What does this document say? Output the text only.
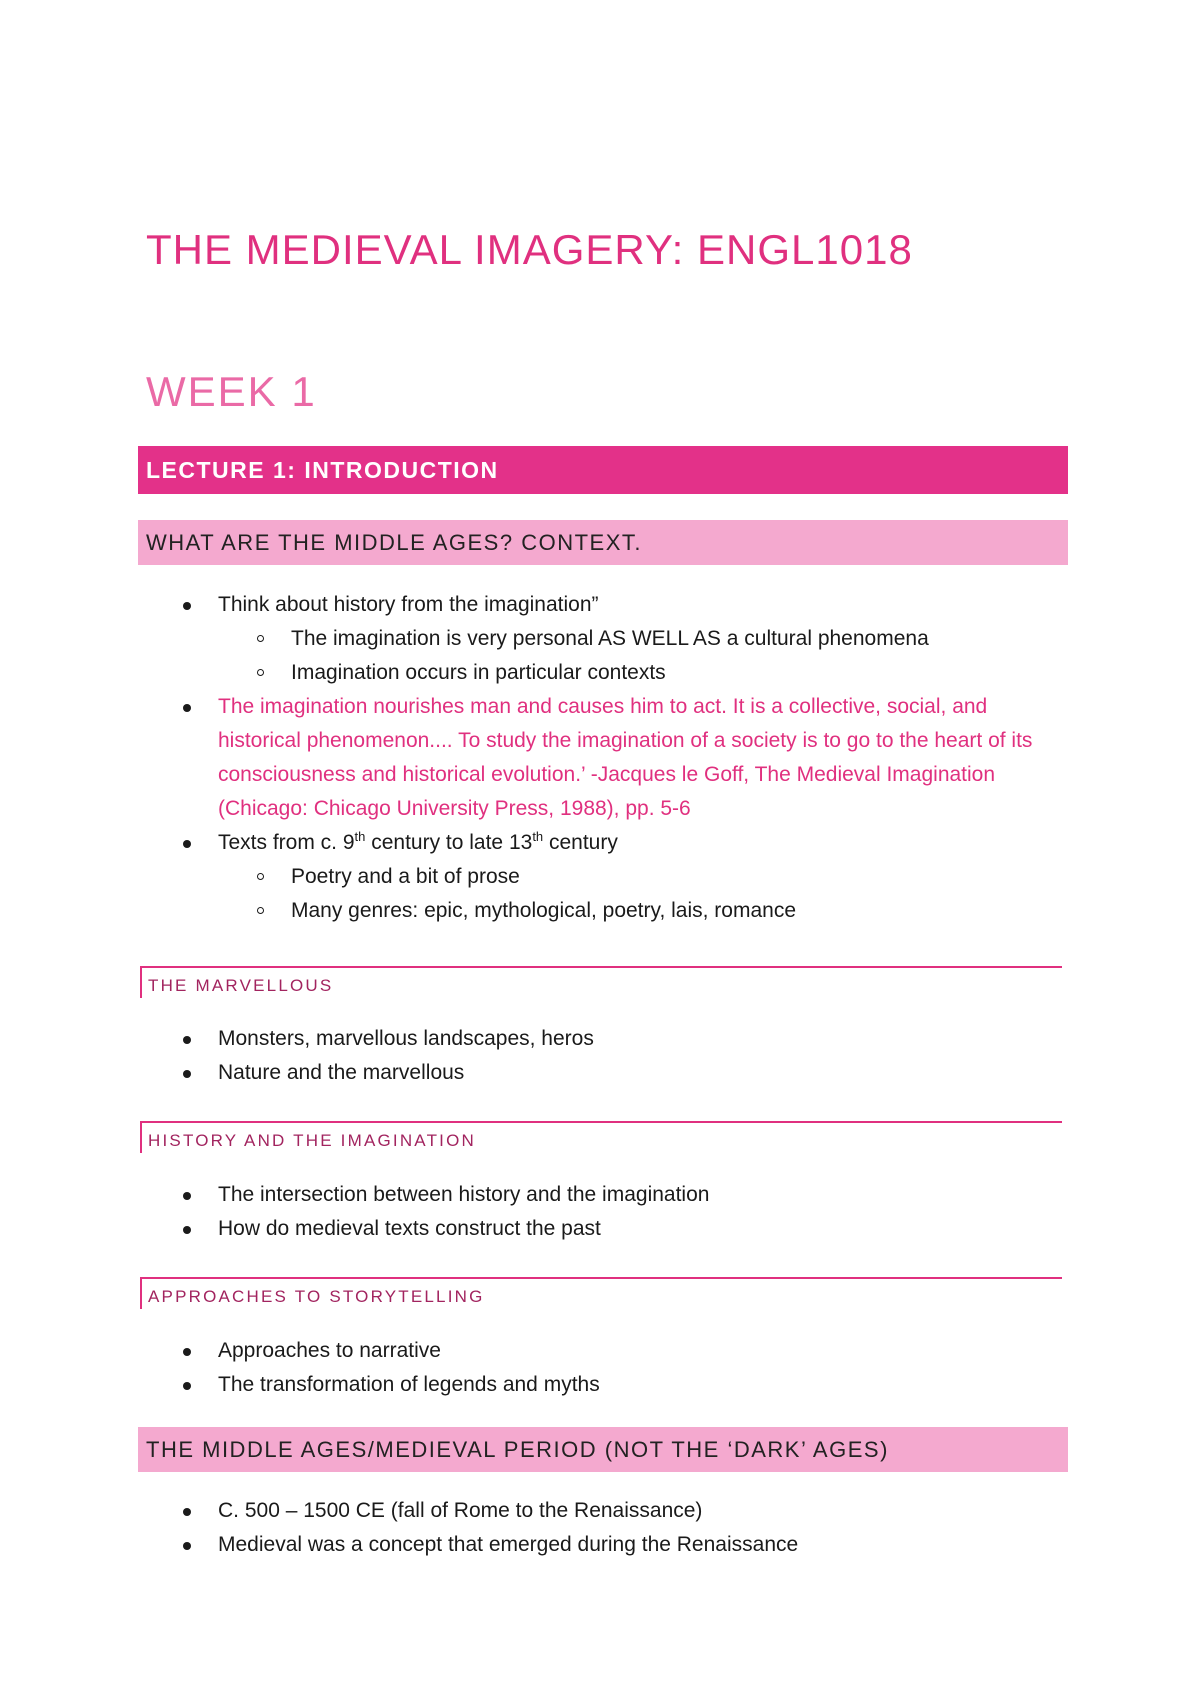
THE MEDIEVAL IMAGERY: ENGL1018
WEEK 1
LECTURE 1: INTRODUCTION
WHAT ARE THE MIDDLE AGES? CONTEXT.
Think about history from the imagination”
The imagination is very personal AS WELL AS a cultural phenomena
Imagination occurs in particular contexts
The imagination nourishes man and causes him to act. It is a collective, social, and historical phenomenon.... To study the imagination of a society is to go to the heart of its consciousness and historical evolution.’ -Jacques le Goff, The Medieval Imagination (Chicago: Chicago University Press, 1988), pp. 5-6
Texts from c. 9th century to late 13th century
Poetry and a bit of prose
Many genres: epic, mythological, poetry, lais, romance
THE MARVELLOUS
Monsters, marvellous landscapes, heros
Nature and the marvellous
HISTORY AND THE IMAGINATION
The intersection between history and the imagination
How do medieval texts construct the past
APPROACHES TO STORYTELLING
Approaches to narrative
The transformation of legends and myths
THE MIDDLE AGES/MEDIEVAL PERIOD (NOT THE ‘DARK’ AGES)
C. 500 – 1500 CE (fall of Rome to the Renaissance)
Medieval was a concept that emerged during the Renaissance
